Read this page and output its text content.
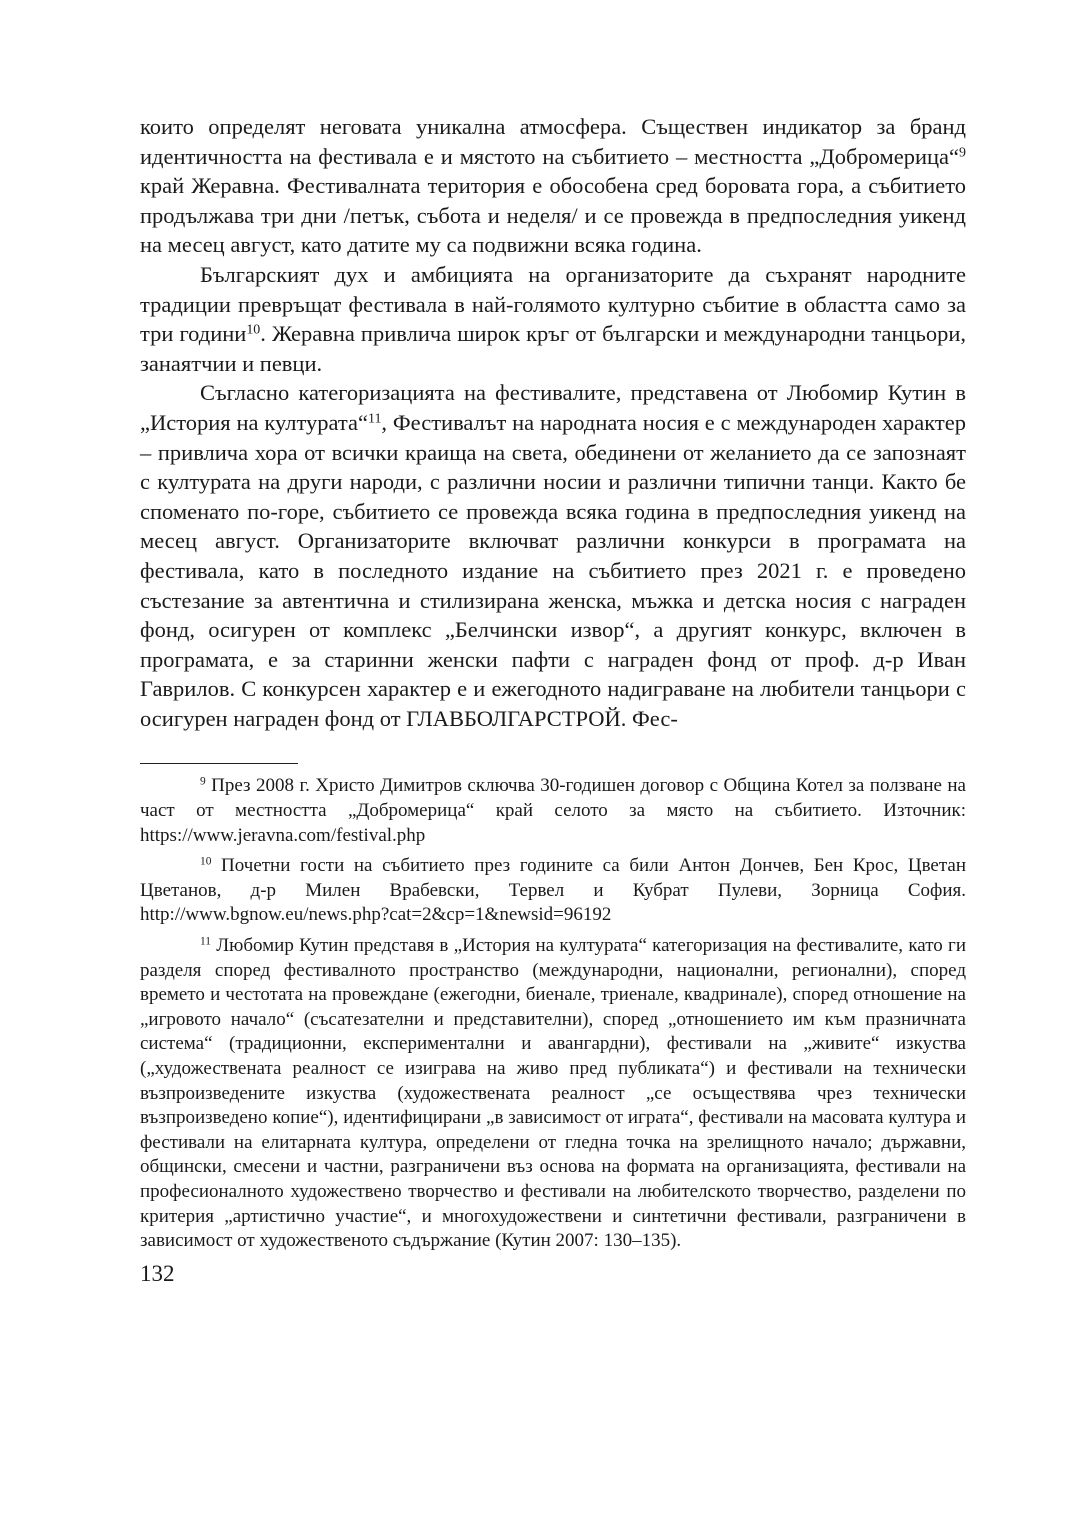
които определят неговата уникална атмосфера. Съществен индикатор за бранд идентичността на фестивала е и мястото на събитието – местността „Добромерица“$^9$ край Жеравна. Фестивалната територия е обособена сред боровата гора, а събитието продължава три дни /петък, събота и неделя/ и се провежда в предпоследния уикенд на месец август, като датите му са подвижни всяка година.

Българският дух и амбицията на организаторите да съхранят народните традиции превръщат фестивала в най-голямото културно събитие в областта само за три години$^{10}$. Жеравна привлича широк кръг от български и международни танцьори, занаятчии и певци.

Съгласно категоризацията на фестивалите, представена от Любомир Кутин в „История на културата“$^{11}$, Фестивалът на народната носия е с международен характер – привлича хора от всички краища на света, обединени от желанието да се запознаят с културата на други народи, с различни носии и различни типични танци. Както бе споменато по-горе, събитието се провежда всяка година в предпоследния уикенд на месец август. Организаторите включват различни конкурси в програмата на фестивала, като в последното издание на събитието през 2021 г. е проведено състезание за автентична и стилизирана женска, мъжка и детска носия с награден фонд, осигурен от комплекс „Белчински извор“, а другият конкурс, включен в програмата, е за старинни женски пафти с награден фонд от проф. д-р Иван Гаврилов. С конкурсен характер е и ежегодното надиграване на любители танцьори с осигурен награден фонд от ГЛАВБОЛГАРСТРОЙ. Фес-

$^9$ През 2008 г. Христо Димитров сключва 30-годишен договор с Община Котел за ползване на част от местността „Добромерица“ край селото за място на събитието. Източник: https://www.jeravna.com/festival.php

$^{10}$ Почетни гости на събитието през годините са били Антон Дончев, Бен Крос, Цветан Цветанов, д-р Милен Врабевски, Тервел и Кубрат Пулеви, Зорница София. http://www.bgnow.eu/news.php?cat=2&cp=1&newsid=96192

$^{11}$ Любомир Кутин представя в „История на културата“ категоризация на фестивалите, като ги разделя според фестивалното пространство (международни, национални, регионални), според времето и честотата на провеждане (ежегодни, биенале, триенале, квадринале), според отношение на „игровото начало“ (съсатезателни и представителни), според „отношението им към празничната система“ (традиционни, експериментални и авангардни), фестивали на „живите“ изкуства („художествената реалност се изиграва на живо пред публиката“) и фестивали на технически възпроизведените изкуства (художествената реалност „се осъществява чрез технически възпроизведено копие“), идентифицирани „в зависимост от играта“, фестивали на масовата култура и фестивали на елитарната култура, определени от гледна точка на зрелищното начало; държавни, общински, смесени и частни, разграничени въз основа на формата на организацията, фестивали на професионалното художествено творчество и фестивали на любителското творчество, разделени по критерия „артистично участие“, и многохудожествени и синтетични фестивали, разграничени в зависимост от художественото съдържание (Кутин 2007: 130–135).

132
